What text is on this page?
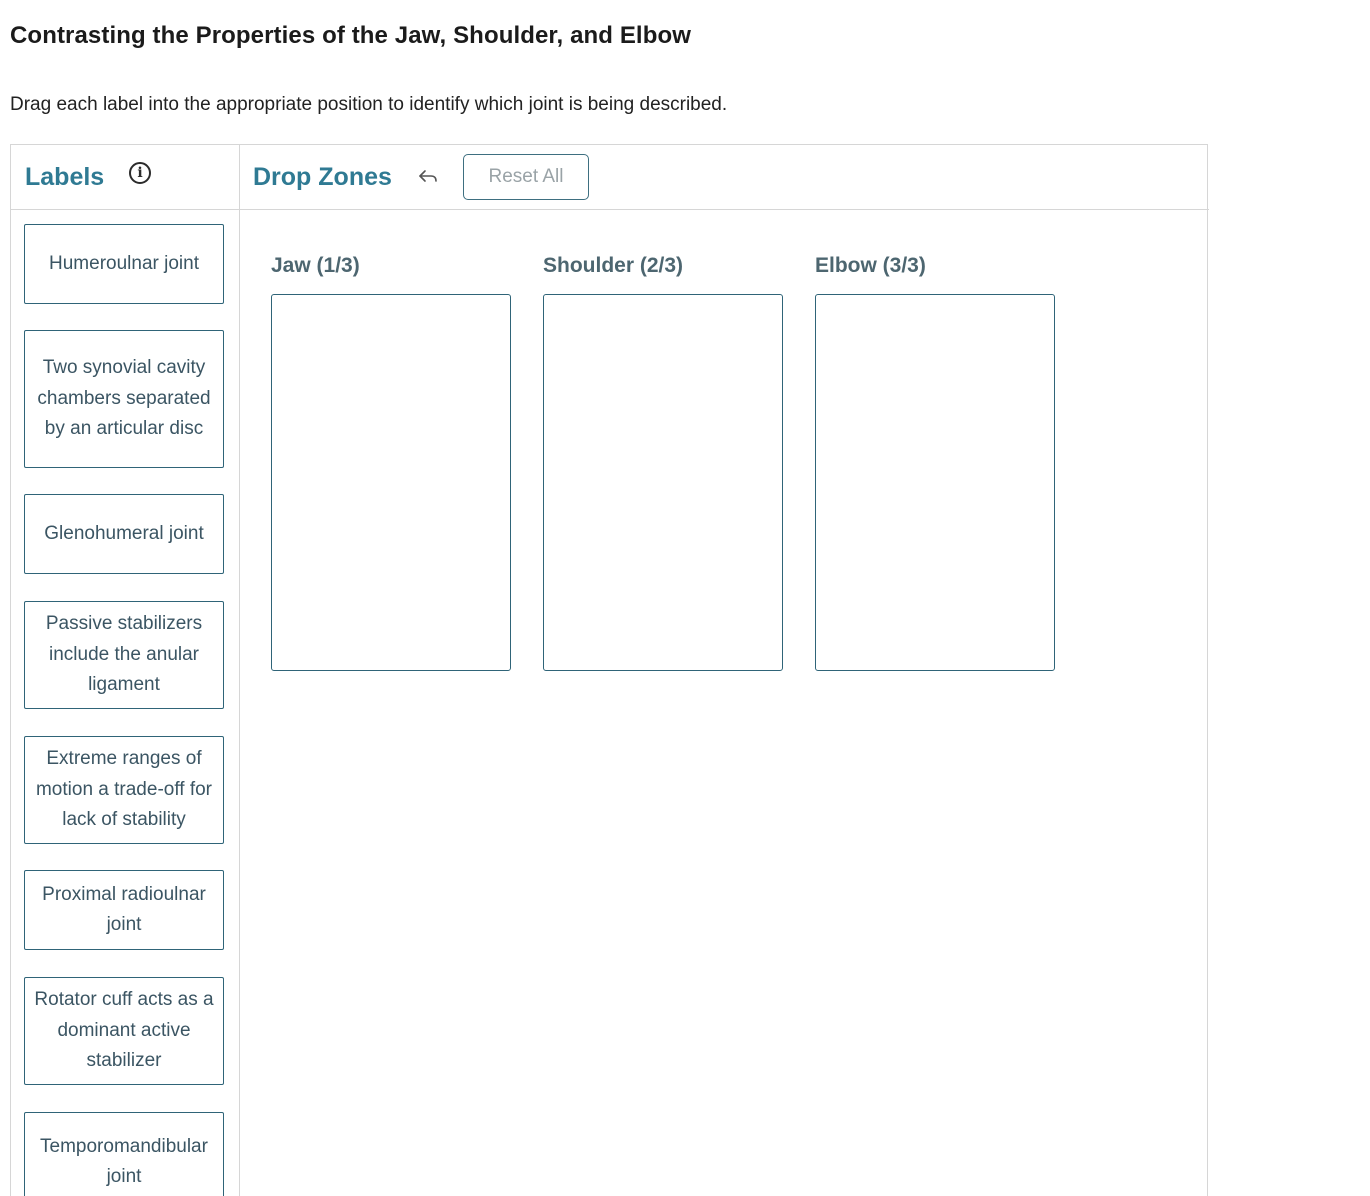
Contrasting the Properties of the Jaw, Shoulder, and Elbow
Drag each label into the appropriate position to identify which joint is being described.
Labels	i
Humeroulnar joint
Two synovial cavity chambers separated by an articular disc
Glenohumeral joint
Passive stabilizers include the anular ligament
Extreme ranges of motion a trade-off for lack of stability
Proximal radioulnar joint
Rotator cuff acts as a dominant active stabilizer
Temporomandibular joint
Drop Zones	Reset All
Jaw (1/3)	Shoulder (2/3)	Elbow (3/3)
